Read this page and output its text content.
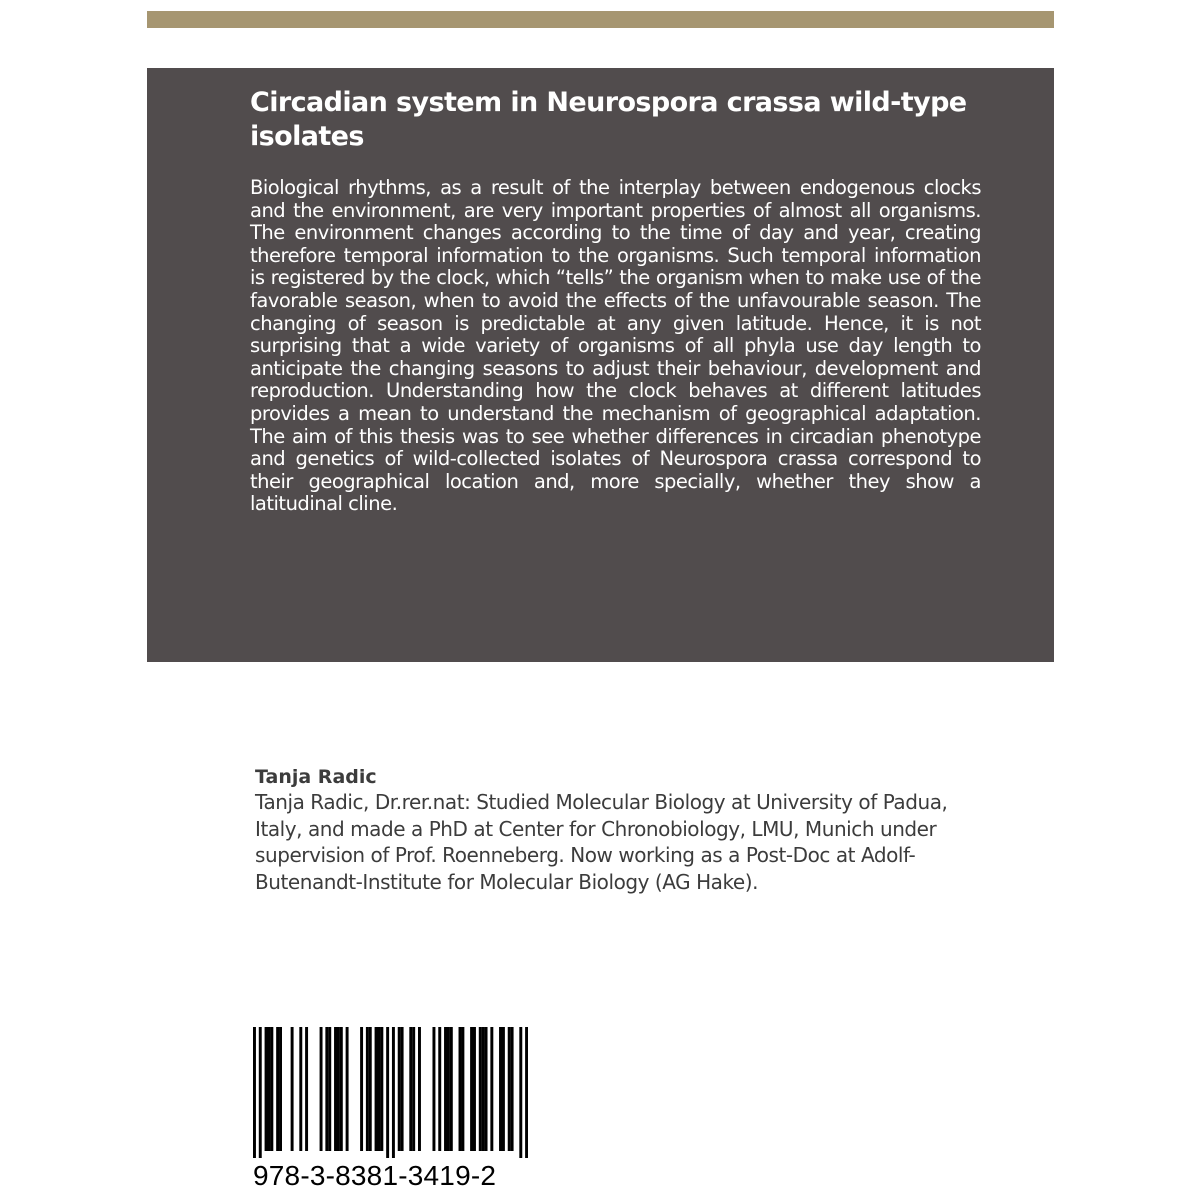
Circadian system in Neurospora crassa wild-type isolates

Biological rhythms, as a result of the interplay between endogenous clocks and the environment, are very important properties of almost all organisms. The environment changes according to the time of day and year, creating therefore temporal information to the organisms. Such temporal information is registered by the clock, which “tells” the organism when to make use of the favorable season, when to avoid the effects of the unfavourable season. The changing of season is predictable at any given latitude. Hence, it is not surprising that a wide variety of organisms of all phyla use day length to anticipate the changing seasons to adjust their behaviour, development and reproduction. Understanding how the clock behaves at different latitudes provides a mean to understand the mechanism of geographical adaptation. The aim of this thesis was to see whether differences in circadian phenotype and genetics of wild-collected isolates of Neurospora crassa correspond to their geographical location and, more specially, whether they show a latitudinal cline.

Tanja Radic

Tanja Radic, Dr.rer.nat: Studied Molecular Biology at University of Padua, Italy, and made a PhD at Center for Chronobiology, LMU, Munich under supervision of Prof. Roenneberg. Now working as a Post-Doc at Adolf-Butenandt-Institute for Molecular Biology (AG Hake).

978-3-8381-3419-2
